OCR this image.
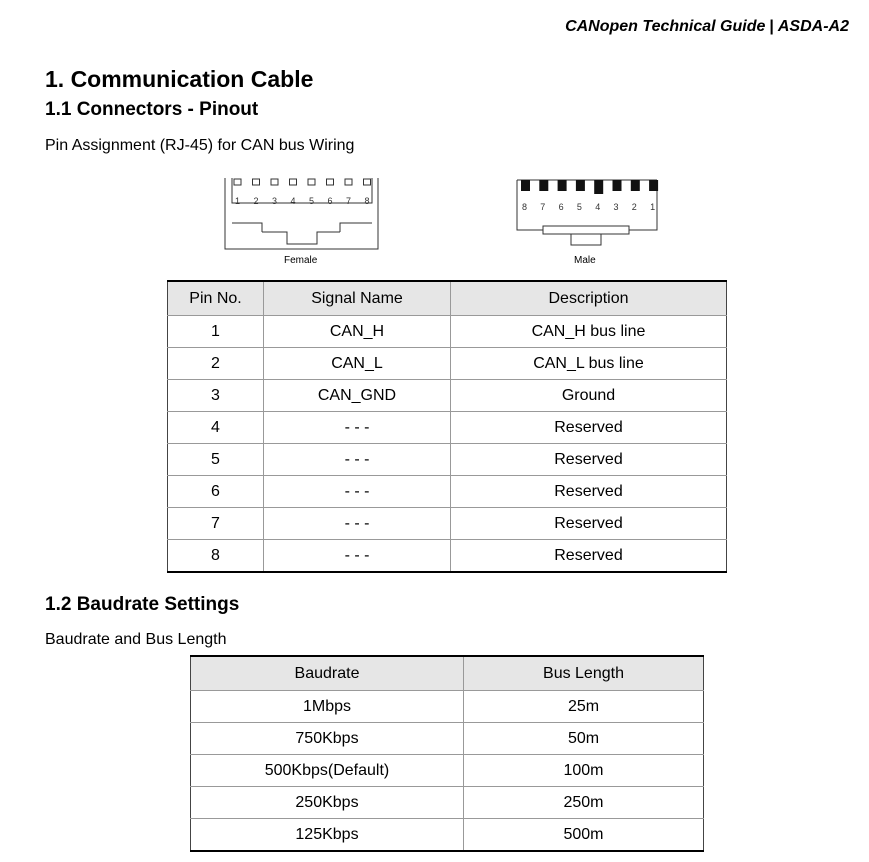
CANopen Technical Guide | ASDA-A2
1. Communication Cable
1.1 Connectors - Pinout
Pin Assignment (RJ-45) for CAN bus Wiring
1 2 3 4 5 6 7 8
Female
8 7 6 5 4 3 2 1
Male
Pin No.	Signal Name	Description
1	CAN_H	CAN_H bus line
2	CAN_L	CAN_L bus line
3	CAN_GND	Ground
4	- - -	Reserved
5	- - -	Reserved
6	- - -	Reserved
7	- - -	Reserved
8	- - -	Reserved
1.2 Baudrate Settings
Baudrate and Bus Length
Baudrate	Bus Length
1Mbps	25m
750Kbps	50m
500Kbps(Default)	100m
250Kbps	250m
125Kbps	500m
